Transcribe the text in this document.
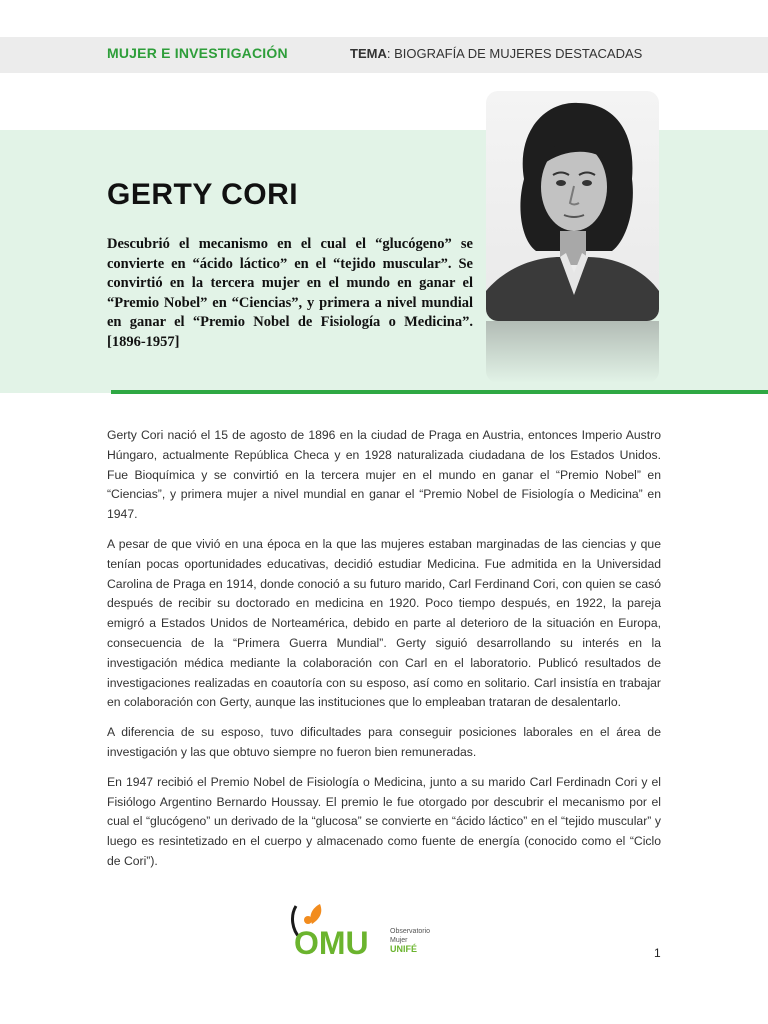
MUJER E INVESTIGACIÓN	TEMA: BIOGRAFÍA DE MUJERES DESTACADAS
GERTY CORI
Descubrió el mecanismo en el cual el “glucógeno” se convierte en “ácido láctico” en el “tejido muscular”. Se convirtió en la tercera mujer en el mundo en ganar el “Premio Nobel” en “Ciencias”, y primera a nivel mundial en ganar el “Premio Nobel de Fisiología o Medicina”. [1896-1957]

Gerty Cori nació el 15 de agosto de 1896 en la ciudad de Praga en Austria, entonces Imperio Austro Húngaro, actualmente República Checa y en 1928 naturalizada ciudadana de los Estados Unidos. Fue Bioquímica y se convirtió en la tercera mujer en el mundo en ganar el “Premio Nobel” en “Ciencias”, y primera mujer a nivel mundial en ganar el “Premio Nobel de Fisiología o Medicina” en 1947.

A pesar de que vivió en una época en la que las mujeres estaban marginadas de las ciencias y que tenían pocas oportunidades educativas, decidió estudiar Medicina. Fue admitida en la Universidad Carolina de Praga en 1914, donde conoció a su futuro marido, Carl Ferdinand Cori, con quien se casó después de recibir su doctorado en medicina en 1920. Poco tiempo después, en 1922, la pareja emigró a Estados Unidos de Norteamérica, debido en parte al deterioro de la situación en Europa, consecuencia de la “Primera Guerra Mundial”. Gerty siguió desarrollando su interés en la investigación médica mediante la colaboración con Carl en el laboratorio. Publicó resultados de investigaciones realizadas en coautoría con su esposo, así como en solitario. Carl insistía en trabajar en colaboración con Gerty, aunque las instituciones que lo empleaban trataran de desalentarlo.

A diferencia de su esposo, tuvo dificultades para conseguir posiciones laborales en el área de investigación y las que obtuvo siempre no fueron bien remuneradas.

En 1947 recibió el Premio Nobel de Fisiología o Medicina, junto a su marido Carl Ferdinadn Cori y el Fisiólogo Argentino Bernardo Houssay. El premio le fue otorgado por descubrir el mecanismo por el cual el “glucógeno” un derivado de la “glucosa” se convierte en “ácido láctico” en el “tejido muscular” y luego es resintetizado en el cuerpo y almacenado como fuente de energía (conocido como el “Ciclo de Cori”).

OMU	Observatorio
Mujer
UNIFÉ	1
